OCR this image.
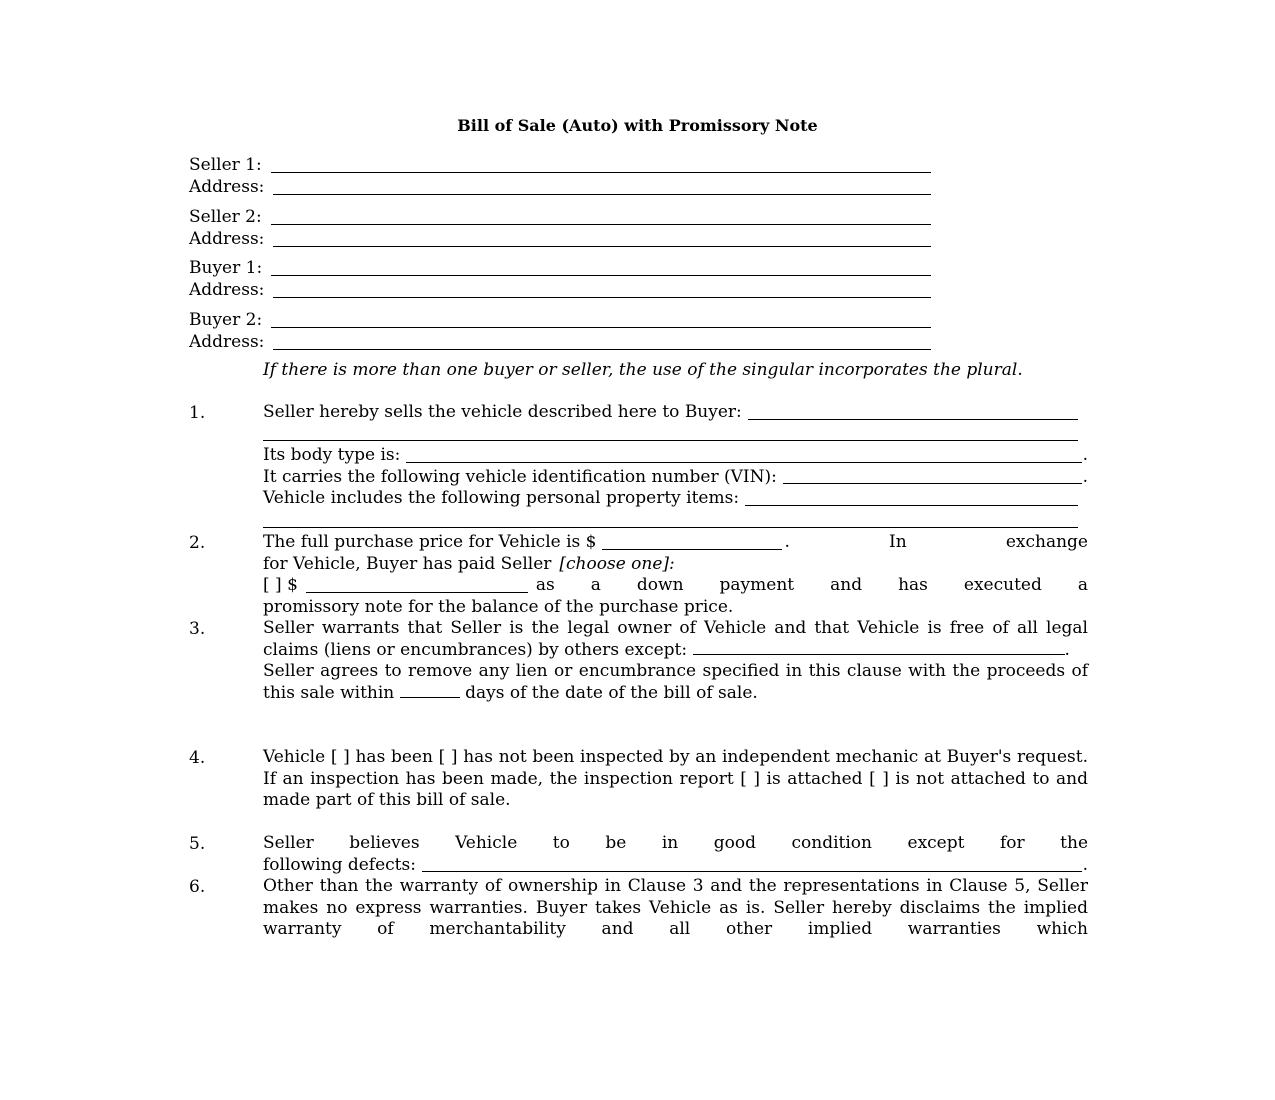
Bill of Sale (Auto) with Promissory Note
Seller 1:
Address:
Seller 2:
Address:
Buyer 1:
Address:
Buyer 2:
Address:

If there is more than one buyer or seller, the use of the singular incorporates the plural.

1.	Seller hereby sells the vehicle described here to Buyer:
Its body type is:	.
It carries the following vehicle identification number (VIN):	.
Vehicle includes the following personal property items:
2.	The full purchase price for Vehicle is $	. In exchange
for Vehicle, Buyer has paid Seller [choose one]:
[ ] $	as a down payment and has executed a
promissory note for the balance of the purchase price.
3.	Seller warrants that Seller is the legal owner of Vehicle and that Vehicle is free of all legal claims (liens or encumbrances) by others except:	.

Seller agrees to remove any lien or encumbrance specified in this clause with the proceeds of this sale within	days of the date of the bill of sale.

4.	Vehicle [ ] has been [ ] has not been inspected by an independent mechanic at Buyer's request. If an inspection has been made, the inspection report [ ] is attached [ ] is not attached to and made part of this bill of sale.

5.	Seller believes Vehicle to be in good condition except for the
following defects:	.
6.	Other than the warranty of ownership in Clause 3 and the representations in Clause 5, Seller makes no express warranties. Buyer takes Vehicle as is. Seller hereby disclaims the implied warranty of merchantability and all other implied warranties which
